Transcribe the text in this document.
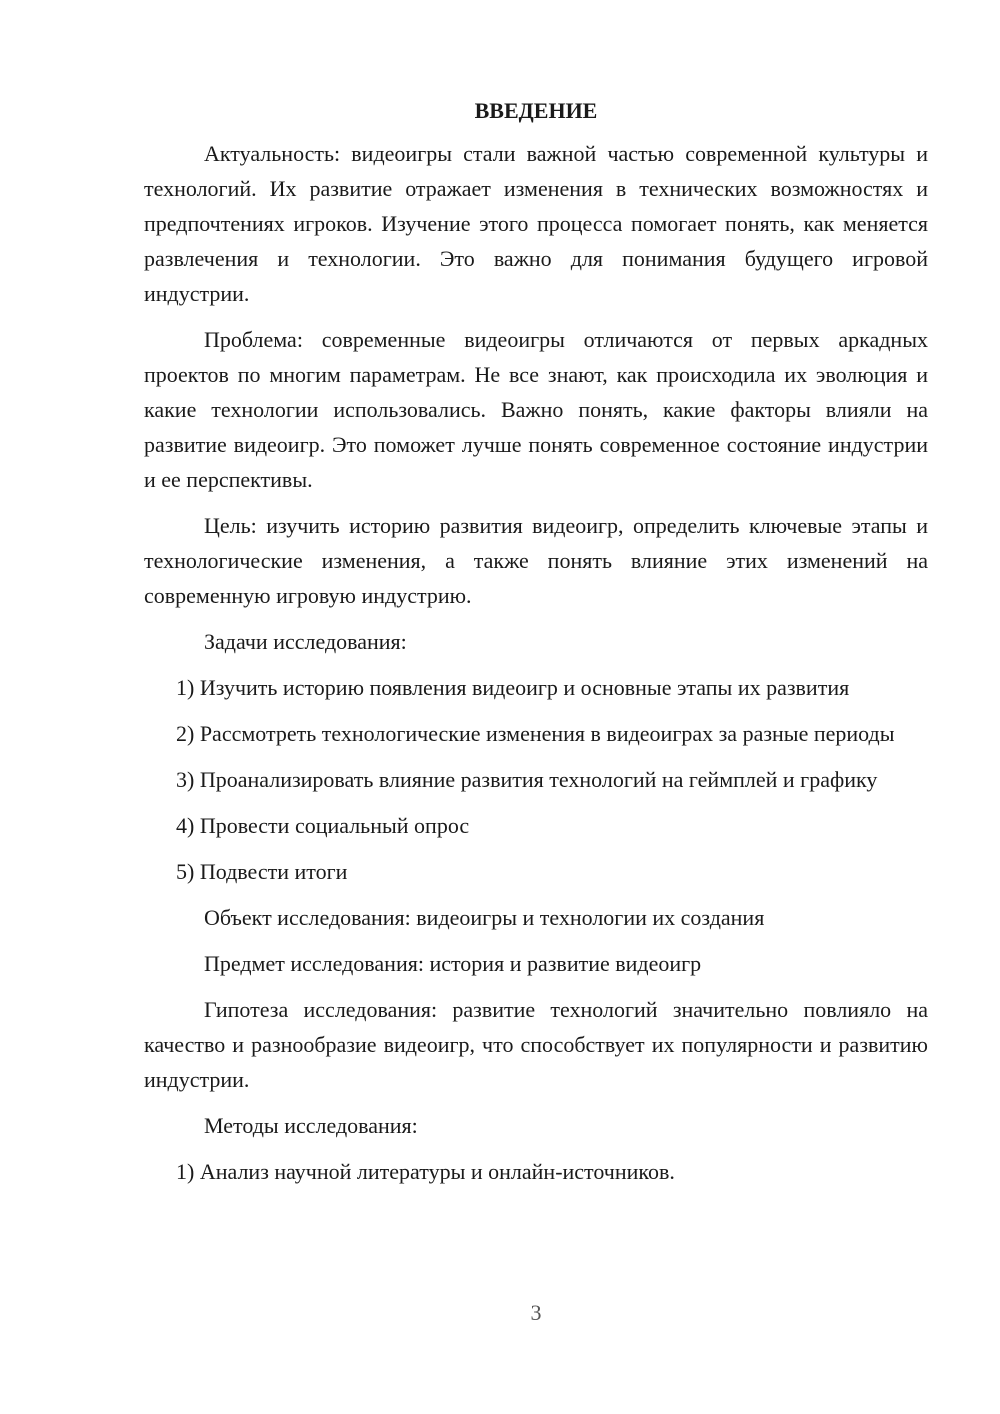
ВВЕДЕНИЕ

Актуальность: видеоигры стали важной частью современной культуры и технологий. Их развитие отражает изменения в технических возможностях и предпочтениях игроков. Изучение этого процесса помогает понять, как меняется развлечения и технологии. Это важно для понимания будущего игровой индустрии.

Проблема: современные видеоигры отличаются от первых аркадных проектов по многим параметрам. Не все знают, как происходила их эволюция и какие технологии использовались. Важно понять, какие факторы влияли на развитие видеоигр. Это поможет лучше понять современное состояние индустрии и ее перспективы.

Цель: изучить историю развития видеоигр, определить ключевые этапы и технологические изменения, а также понять влияние этих изменений на современную игровую индустрию.

Задачи исследования:

1) Изучить историю появления видеоигр и основные этапы их развития

2) Рассмотреть технологические изменения в видеоиграх за разные периоды

3) Проанализировать влияние развития технологий на геймплей и графику

4) Провести социальный опрос

5) Подвести итоги

Объект исследования: видеоигры и технологии их создания

Предмет исследования: история и развитие видеоигр

Гипотеза исследования: развитие технологий значительно повлияло на качество и разнообразие видеоигр, что способствует их популярности и развитию индустрии.

Методы исследования:

1) Анализ научной литературы и онлайн-источников.

3
